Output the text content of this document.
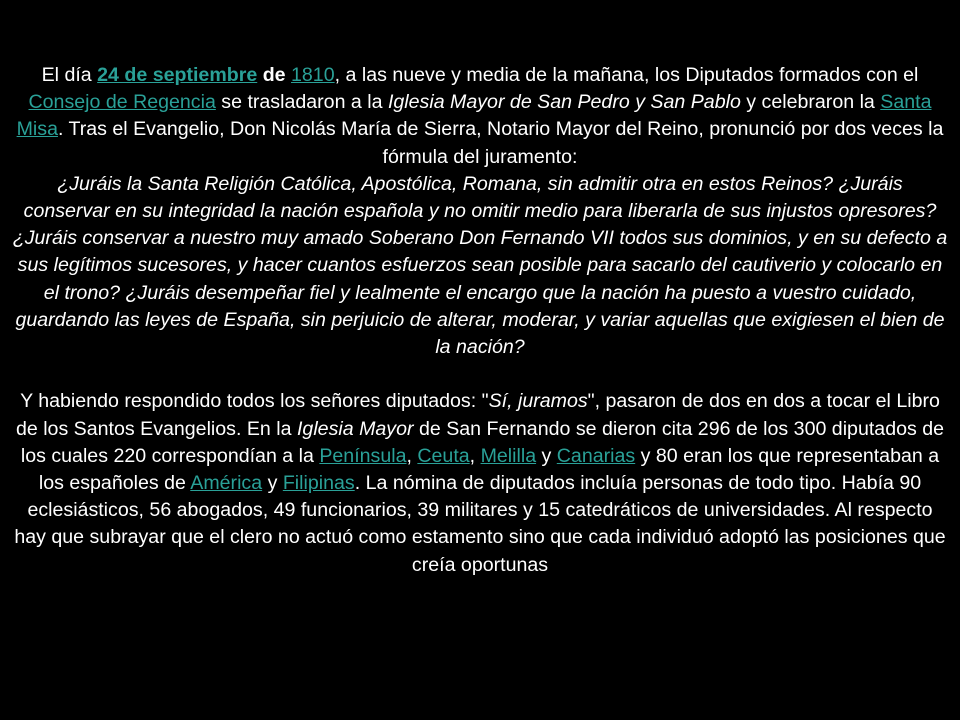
El día 24 de septiembre de 1810, a las nueve y media de la mañana, los Diputados formados con el Consejo de Regencia se trasladaron a la Iglesia Mayor de San Pedro y San Pablo y celebraron la Santa Misa. Tras el Evangelio, Don Nicolás María de Sierra, Notario Mayor del Reino, pronunció por dos veces la fórmula del juramento:

¿Juráis la Santa Religión Católica, Apostólica, Romana, sin admitir otra en estos Reinos? ¿Juráis conservar en su integridad la nación española y no omitir medio para liberarla de sus injustos opresores? ¿Juráis conservar a nuestro muy amado Soberano Don Fernando VII todos sus dominios, y en su defecto a sus legítimos sucesores, y hacer cuantos esfuerzos sean posible para sacarlo del cautiverio y colocarlo en el trono? ¿Juráis desempeñar fiel y lealmente el encargo que la nación ha puesto a vuestro cuidado, guardando las leyes de España, sin perjuicio de alterar, moderar, y variar aquellas que exigiesen el bien de la nación?

Y habiendo respondido todos los señores diputados: "Sí, juramos", pasaron de dos en dos a tocar el Libro de los Santos Evangelios. En la Iglesia Mayor de San Fernando se dieron cita 296 de los 300 diputados de los cuales 220 correspondían a la Península, Ceuta, Melilla y Canarias y 80 eran los que representaban a los españoles de América y Filipinas. La nómina de diputados incluía personas de todo tipo. Había 90 eclesiásticos, 56 abogados, 49 funcionarios, 39 militares y 15 catedráticos de universidades. Al respecto hay que subrayar que el clero no actuó como estamento sino que cada individuó adoptó las posiciones que creía oportunas
